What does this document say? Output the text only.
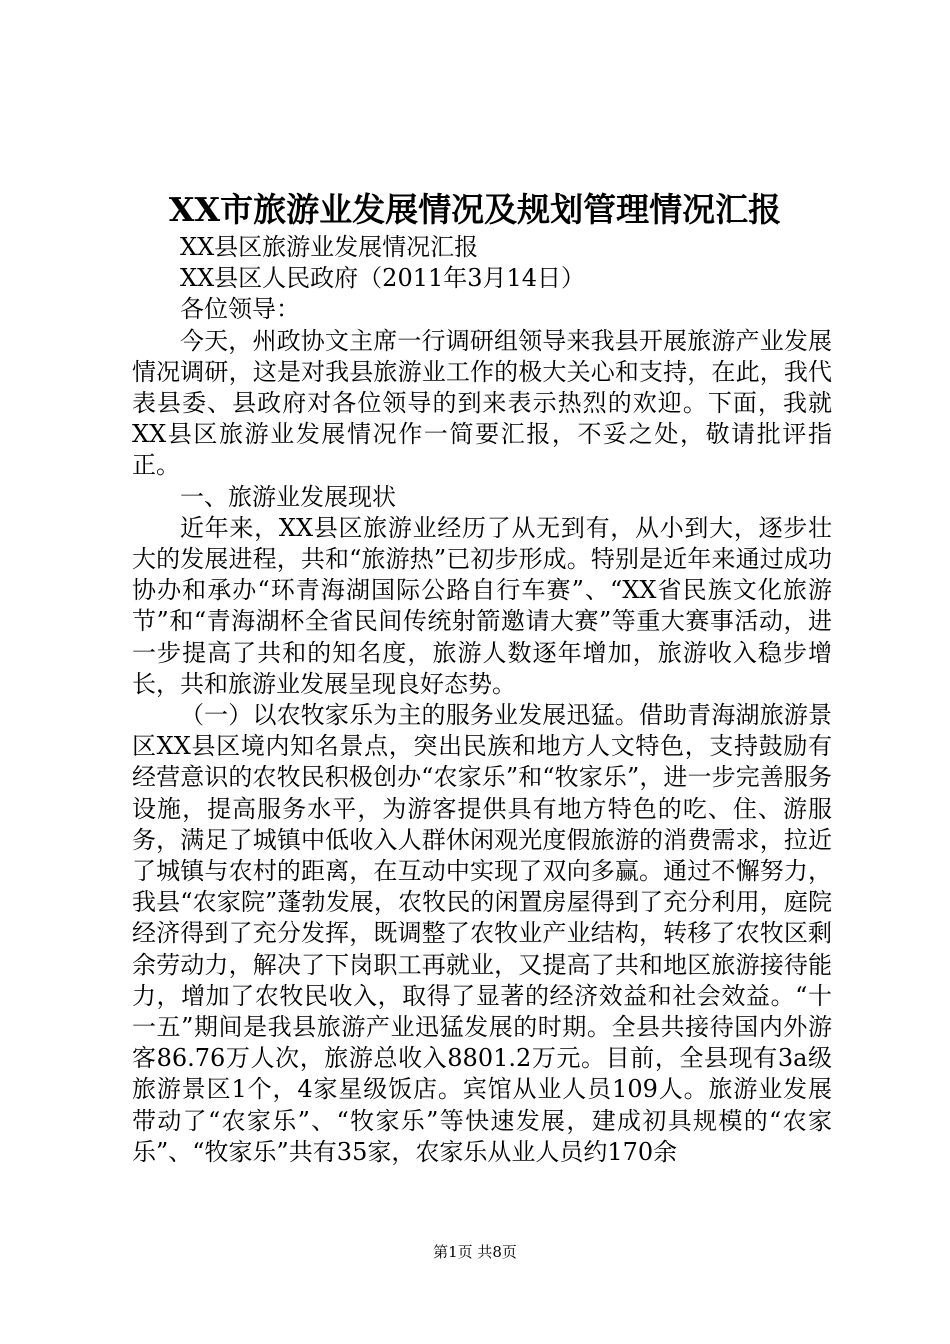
XX市旅游业发展情况及规划管理情况汇报

XX县区旅游业发展情况汇报

XX县区人民政府（2011年3月14日）

各位领导：

今天，州政协文主席一行调研组领导来我县开展旅游产业发展情况调研，这是对我县旅游业工作的极大关心和支持，在此，我代表县委、县政府对各位领导的到来表示热烈的欢迎。下面，我就XX县区旅游业发展情况作一简要汇报，不妥之处，敬请批评指正。

一、旅游业发展现状

近年来，XX县区旅游业经历了从无到有，从小到大，逐步壮大的发展进程，共和“旅游热”已初步形成。特别是近年来通过成功协办和承办“环青海湖国际公路自行车赛”、“XX省民族文化旅游节”和“青海湖杯全省民间传统射箭邀请大赛”等重大赛事活动，进一步提高了共和的知名度，旅游人数逐年增加，旅游收入稳步增长，共和旅游业发展呈现良好态势。

（一）以农牧家乐为主的服务业发展迅猛。借助青海湖旅游景区XX县区境内知名景点，突出民族和地方人文特色，支持鼓励有经营意识的农牧民积极创办“农家乐”和“牧家乐”，进一步完善服务设施，提高服务水平，为游客提供具有地方特色的吃、住、游服务，满足了城镇中低收入人群休闲观光度假旅游的消费需求，拉近了城镇与农村的距离，在互动中实现了双向多赢。通过不懈努力，我县“农家院”蓬勃发展，农牧民的闲置房屋得到了充分利用，庭院经济得到了充分发挥，既调整了农牧业产业结构，转移了农牧区剩余劳动力，解决了下岗职工再就业，又提高了共和地区旅游接待能力，增加了农牧民收入，取得了显著的经济效益和社会效益。“十一五”期间是我县旅游产业迅猛发展的时期。全县共接待国内外游客86.76万人次，旅游总收入8801.2万元。目前，全县现有3a级旅游景区1个，4家星级饭店。宾馆从业人员109人。旅游业发展带动了“农家乐”、“牧家乐”等快速发展，建成初具规模的“农家乐”、“牧家乐”共有35家，农家乐从业人员约170余

第1页 共8页
